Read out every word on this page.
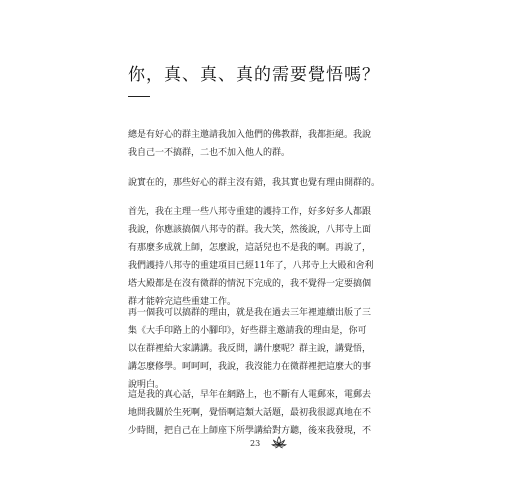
你，真、真、真的需要覺悟嗎？
總是有好心的群主邀請我加入他們的佛教群，我都拒絕。我說
我自己一不搞群，二也不加入他人的群。
說實在的，那些好心的群主沒有錯，我其實也覺有理由開群的。
首先，我在主理一些八邦寺重建的護持工作，好多好多人都跟
我說，你應該搞個八邦寺的群。我大笑，然後說，八邦寺上面
有那麼多成就上師，怎麼說，這話兒也不是我的啊。再說了，
我們護持八邦寺的重建項目已經11年了，八邦寺上大殿和舍利
塔大殿都是在沒有微群的情況下完成的，我不覺得一定要搞個
群才能幹完這些重建工作。
再一個我可以搞群的理由，就是我在過去三年裡連續出版了三
集《大手印路上的小腳印》，好些群主邀請我的理由是，你可
以在群裡給大家講講。我反問，講什麼呢？群主說，講覺悟，
講怎麼修學。呵呵呵，我說，我沒能力在微群裡把這麼大的事
說明白。
這是我的真心話，早年在網路上，也不斷有人電郵來，電郵去
地問我關於生死啊，覺悟啊這類大話題，最初我很認真地在不
少時間，把自己在上師座下所學講給對方聽，後來我發現，不
23
